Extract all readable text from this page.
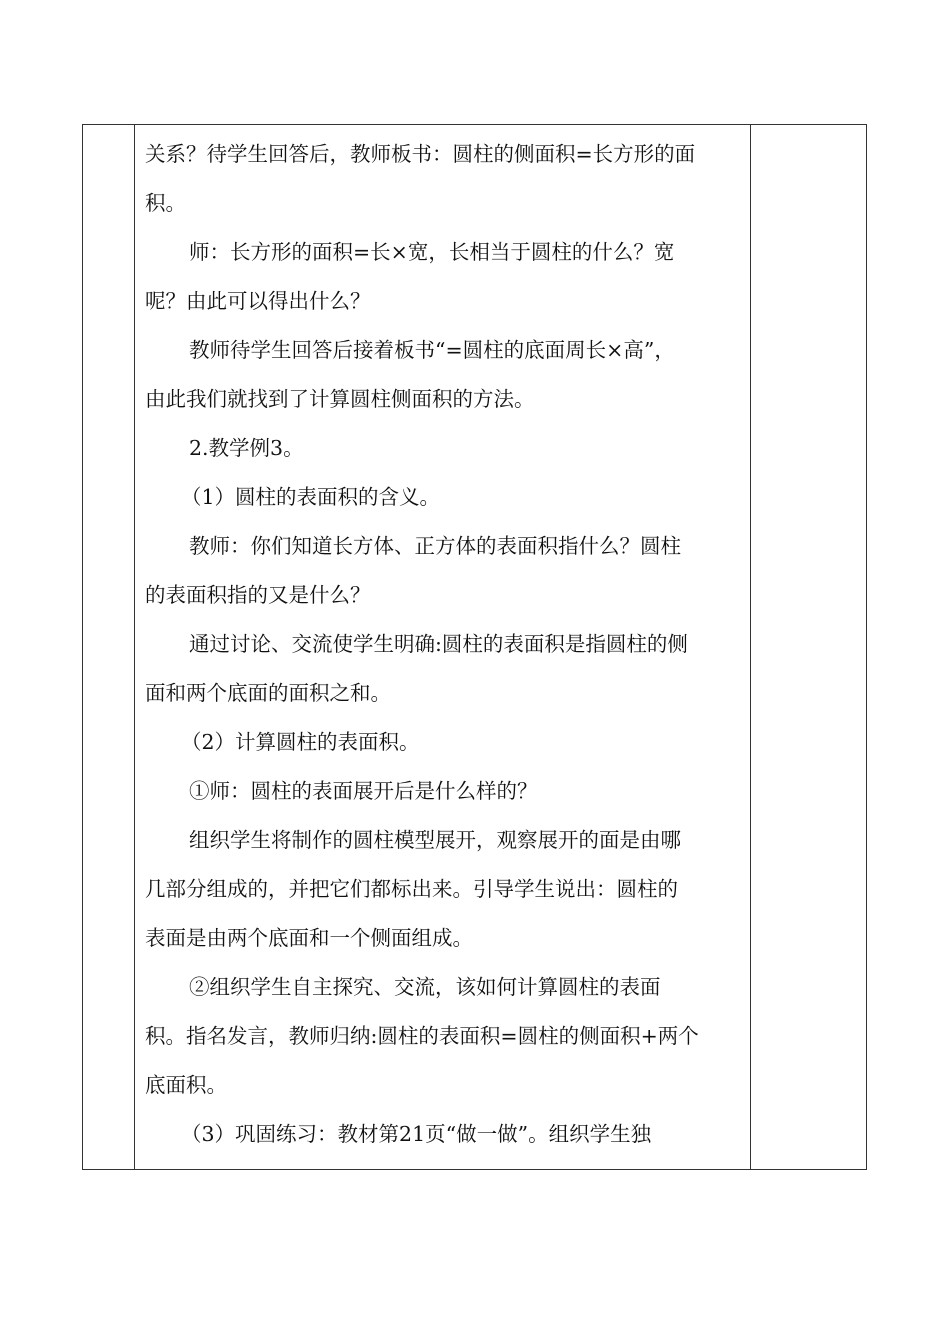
关系？待学生回答后，教师板书：圆柱的侧面积=长方形的面
积。
师：长方形的面积=长×宽，长相当于圆柱的什么？宽
呢？由此可以得出什么？
教师待学生回答后接着板书“=圆柱的底面周长×高”，
由此我们就找到了计算圆柱侧面积的方法。
2.教学例3。
（1）圆柱的表面积的含义。
教师：你们知道长方体、正方体的表面积指什么？圆柱
的表面积指的又是什么？
通过讨论、交流使学生明确:圆柱的表面积是指圆柱的侧
面和两个底面的面积之和。
（2）计算圆柱的表面积。
①师：圆柱的表面展开后是什么样的？
组织学生将制作的圆柱模型展开，观察展开的面是由哪
几部分组成的，并把它们都标出来。引导学生说出：圆柱的
表面是由两个底面和一个侧面组成。
②组织学生自主探究、交流，该如何计算圆柱的表面
积。指名发言，教师归纳:圆柱的表面积=圆柱的侧面积+两个
底面积。
（3）巩固练习：教材第21页“做一做”。组织学生独
